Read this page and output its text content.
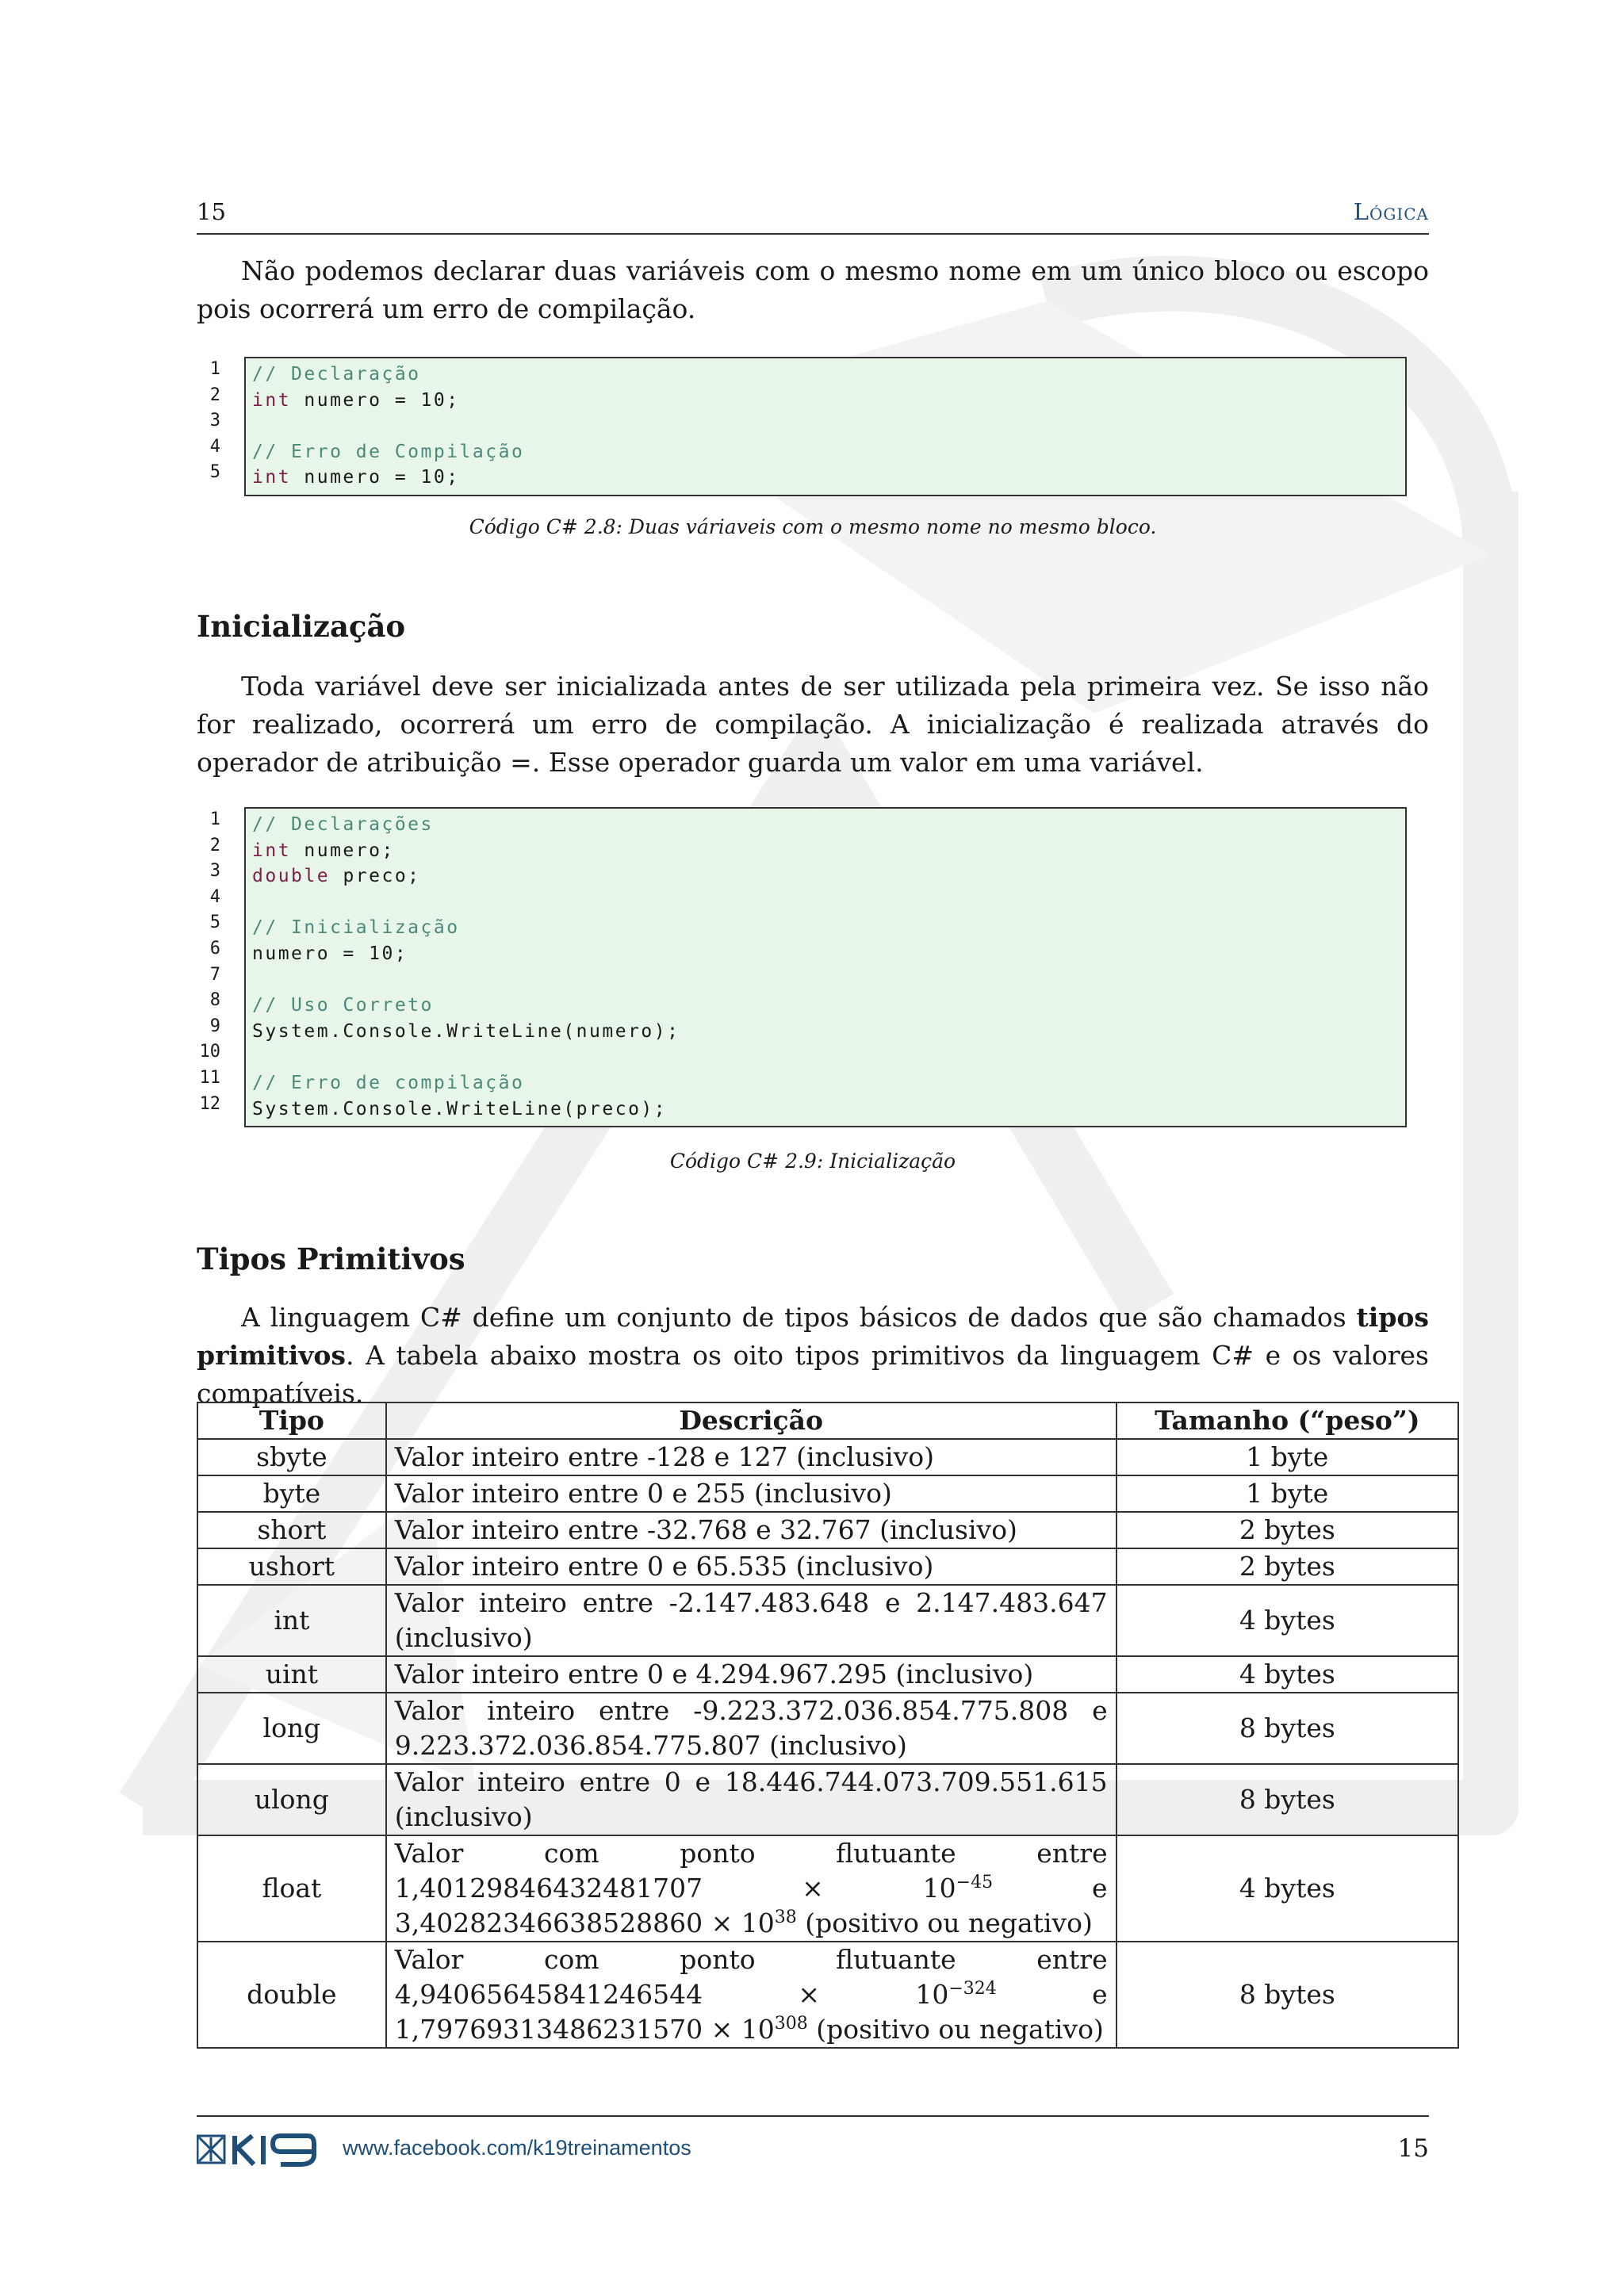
15	Lógica

Não podemos declarar duas variáveis com o mesmo nome em um único bloco ou escopo pois ocorrerá um erro de compilação.

1
2
3
4
5
// Declaração
int numero = 10;
// Erro de Compilação
int numero = 10;
Código C# 2.8: Duas váriaveis com o mesmo nome no mesmo bloco.
Inicialização

Toda variável deve ser inicializada antes de ser utilizada pela primeira vez. Se isso não for realizado, ocorrerá um erro de compilação. A inicialização é realizada através do operador de atribuição =. Esse operador guarda um valor em uma variável.

1
2
3
4
5
6
7
8
9
10
11
12
// Declarações
int numero;
double preco;
// Inicialização
numero = 10;
// Uso Correto
System.Console.WriteLine(numero);
// Erro de compilação
System.Console.WriteLine(preco);
Código C# 2.9: Inicialização
Tipos Primitivos

A linguagem C# define um conjunto de tipos básicos de dados que são chamados tipos primitivos. A tabela abaixo mostra os oito tipos primitivos da linguagem C# e os valores compatíveis.

Tipo	Descrição	Tamanho (“peso”)
sbyte	Valor inteiro entre -128 e 127 (inclusivo)	1 byte
byte	Valor inteiro entre 0 e 255 (inclusivo)	1 byte
short	Valor inteiro entre -32.768 e 32.767 (inclusivo)	2 bytes
ushort	Valor inteiro entre 0 e 65.535 (inclusivo)	2 bytes
int	Valor inteiro entre -2.147.483.648 e 2.147.483.647 (inclusivo)	4 bytes
uint	Valor inteiro entre 0 e 4.294.967.295 (inclusivo)	4 bytes
long	Valor inteiro entre -9.223.372.036.854.775.808 e 9.223.372.036.854.775.807 (inclusivo)	8 bytes
ulong	Valor inteiro entre 0 e 18.446.744.073.709.551.615 (inclusivo)	8 bytes
float	Valor com ponto flutuante entre $1,40129846432481707 \times 10^{-45}$ e $3,40282346638528860 \times 10^{38}$ (positivo ou negativo)	4 bytes
double	Valor com ponto flutuante entre $4,94065645841246544 \times 10^{-324}$ e $1,79769313486231570 \times 10^{308}$ (positivo ou negativo)	8 bytes
www.facebook.com/k19treinamentos	15
